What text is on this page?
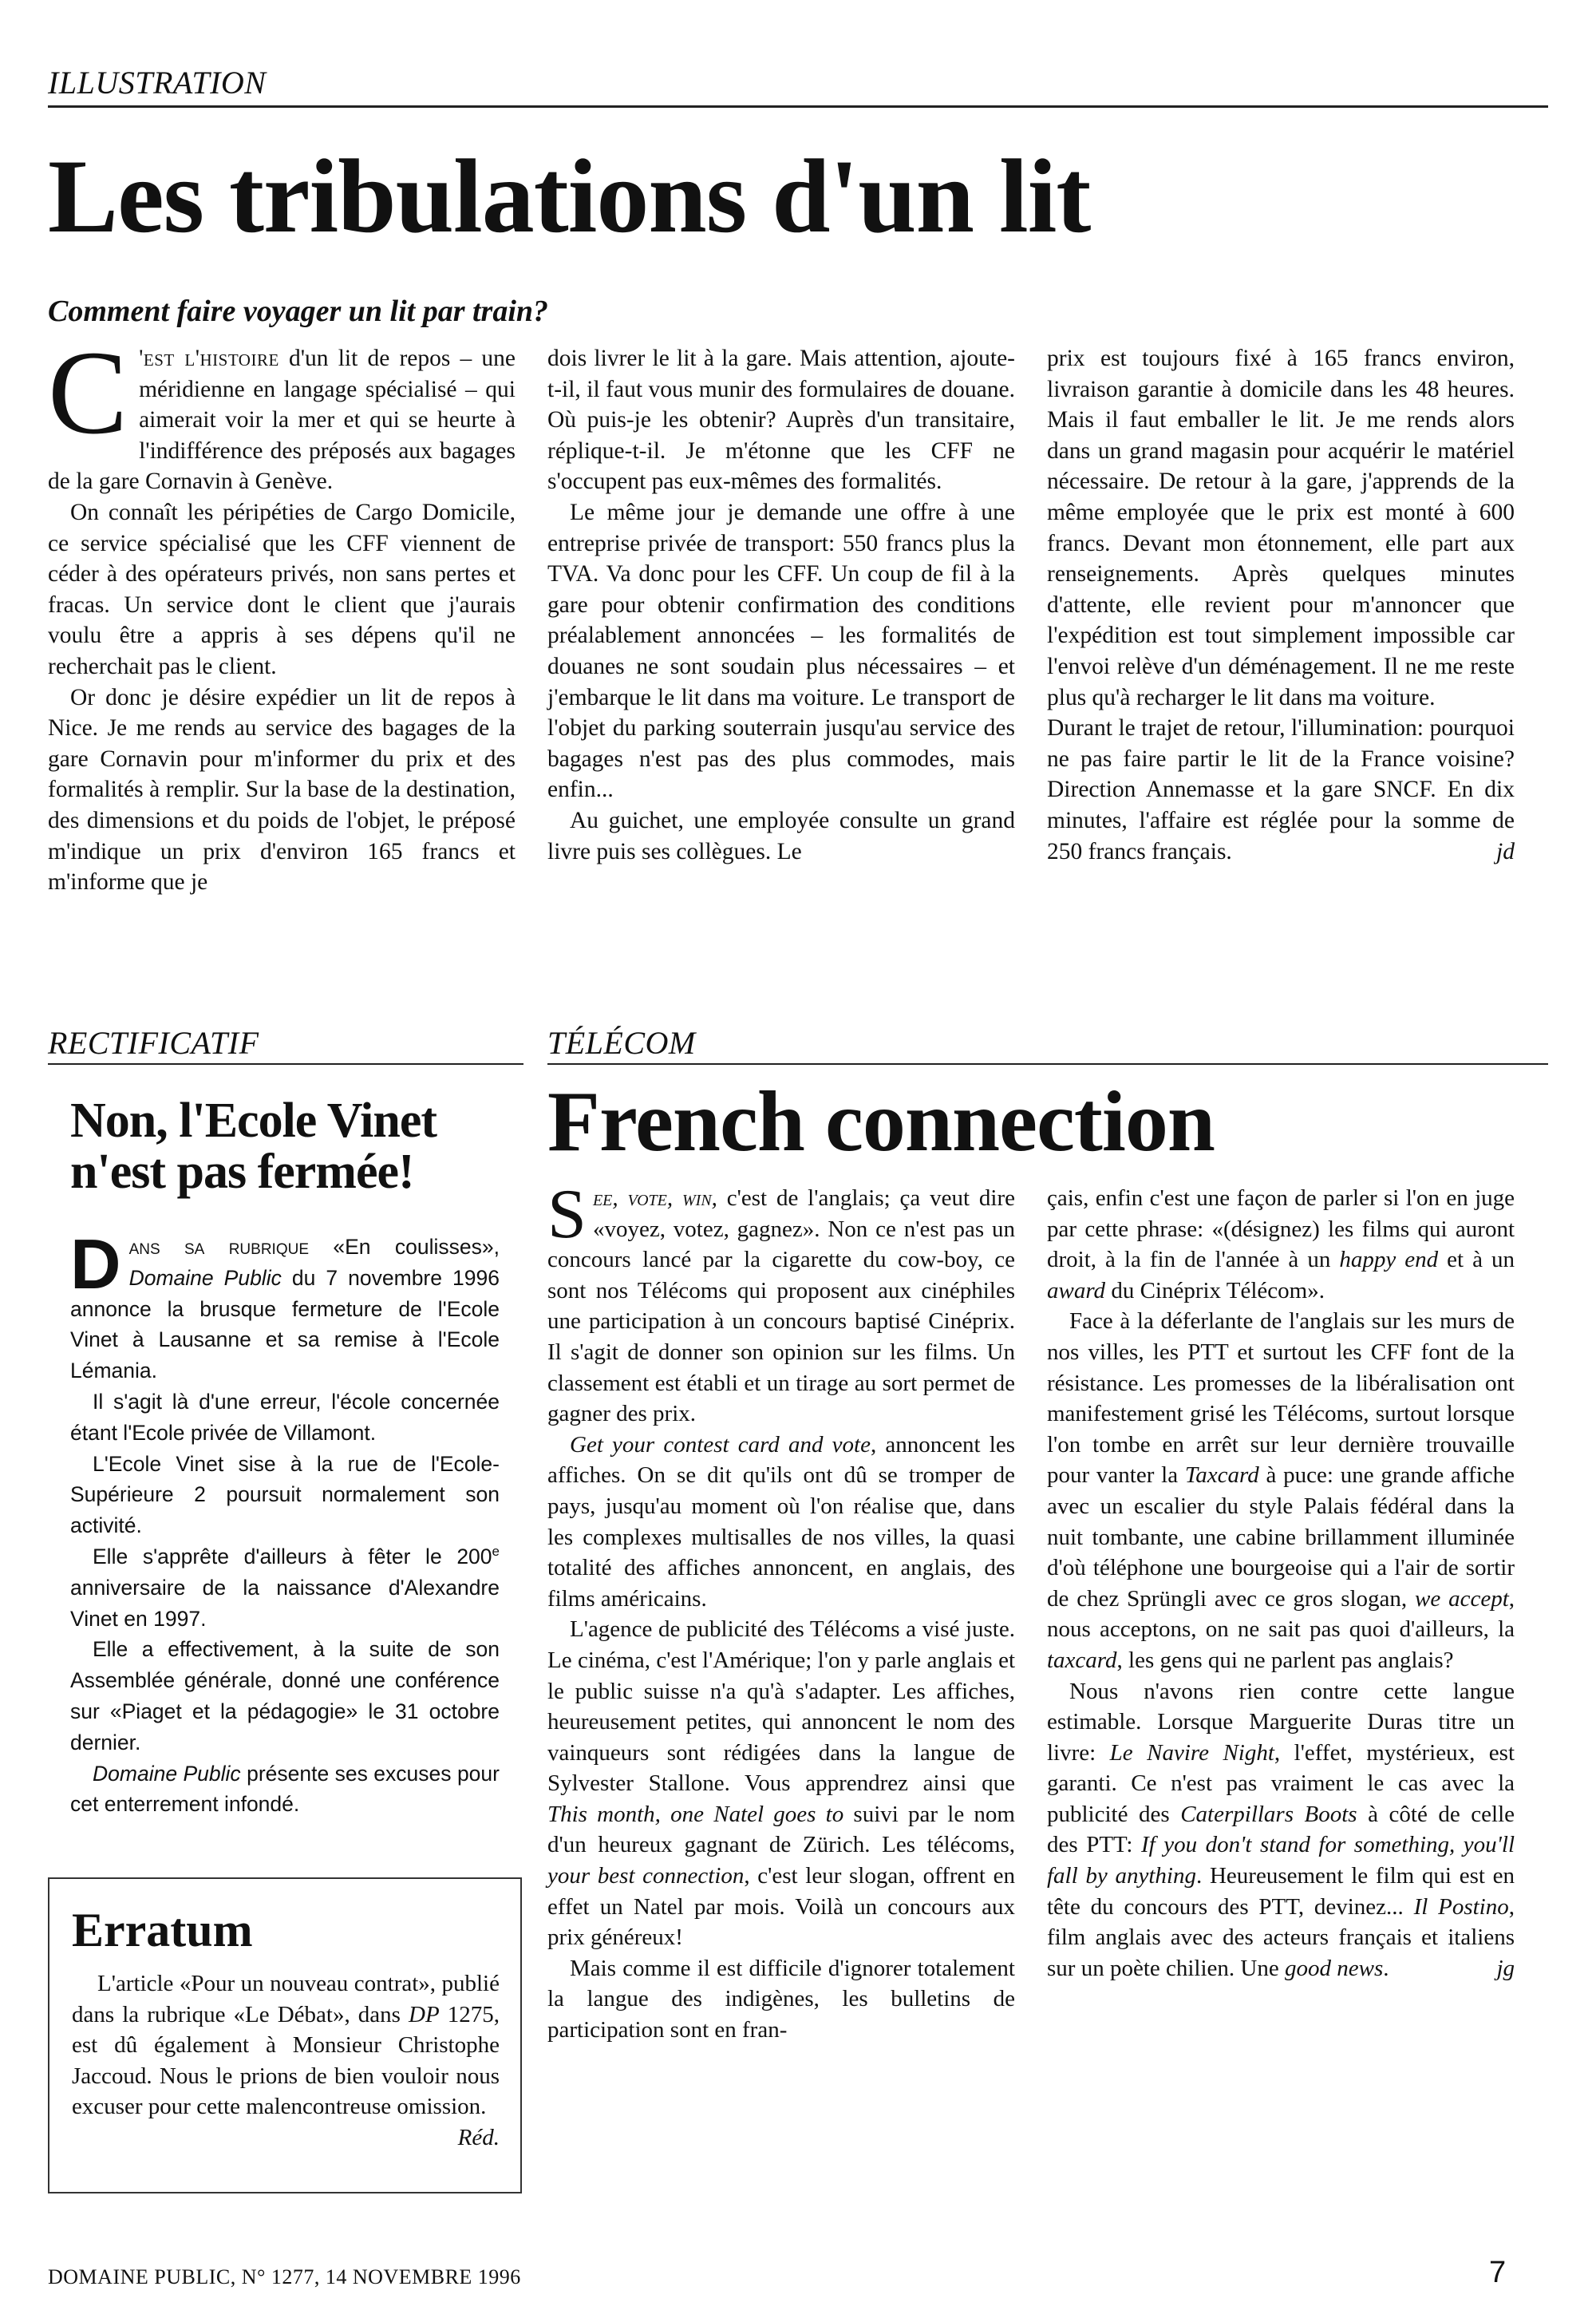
ILLUSTRATION
Les tribulations d'un lit
Comment faire voyager un lit par train?

C 'est l'histoire d'un lit de repos – une méridienne en langage spécialisé – qui aimerait voir la mer et qui se heurte à l'indifférence des préposés aux bagages de la gare Cornavin à Genève.

On connaît les péripéties de Cargo Domicile, ce service spécialisé que les CFF viennent de céder à des opérateurs privés, non sans pertes et fracas. Un service dont le client que j'aurais voulu être a appris à ses dépens qu'il ne recherchait pas le client.

Or donc je désire expédier un lit de repos à Nice. Je me rends au service des bagages de la gare Cornavin pour m'informer du prix et des formalités à remplir. Sur la base de la destination, des dimensions et du poids de l'objet, le préposé m'indique un prix d'environ 165 francs et m'informe que je

dois livrer le lit à la gare. Mais attention, ajoute-t-il, il faut vous munir des formulaires de douane. Où puis-je les obtenir? Auprès d'un transitaire, réplique-t-il. Je m'étonne que les CFF ne s'occupent pas eux-mêmes des formalités.

Le même jour je demande une offre à une entreprise privée de transport: 550 francs plus la TVA. Va donc pour les CFF. Un coup de fil à la gare pour obtenir confirmation des conditions préalablement annoncées – les formalités de douanes ne sont soudain plus nécessaires – et j'embarque le lit dans ma voiture. Le transport de l'objet du parking souterrain jusqu'au service des bagages n'est pas des plus commodes, mais enfin...

Au guichet, une employée consulte un grand livre puis ses collègues. Le

prix est toujours fixé à 165 francs environ, livraison garantie à domicile dans les 48 heures. Mais il faut emballer le lit. Je me rends alors dans un grand magasin pour acquérir le matériel nécessaire. De retour à la gare, j'apprends de la même employée que le prix est monté à 600 francs. Devant mon étonnement, elle part aux renseignements. Après quelques minutes d'attente, elle revient pour m'annoncer que l'expédition est tout simplement impossible car l'envoi relève d'un déménagement. Il ne me reste plus qu'à recharger le lit dans ma voiture.

Durant le trajet de retour, l'illumination: pourquoi ne pas faire partir le lit de la France voisine? Direction Annemasse et la gare SNCF. En dix minutes, l'affaire est réglée pour la somme de 250 francs français.	jd

RECTIFICATIF
Non, l'Ecole Vinet
n'est pas fermée!

Dans sa rubrique «En coulisses», Domaine Public du 7 novembre 1996 annonce la brusque fermeture de l'Ecole Vinet à Lausanne et sa remise à l'Ecole Lémania.

Il s'agit là d'une erreur, l'école concernée étant l'Ecole privée de Villamont.

L'Ecole Vinet sise à la rue de l'Ecole-Supérieure 2 poursuit normalement son activité.

Elle s'apprête d'ailleurs à fêter le 200e anniversaire de la naissance d'Alexandre Vinet en 1997.

Elle a effectivement, à la suite de son Assemblée générale, donné une conférence sur «Piaget et la pédagogie» le 31 octobre dernier.

Domaine Public présente ses excuses pour cet enterrement infondé.

Erratum

L'article «Pour un nouveau contrat», publié dans la rubrique «Le Débat», dans DP 1275, est dû également à Monsieur Christophe Jaccoud. Nous le prions de bien vouloir nous excuser pour cette malencontreuse omission.
Réd.

TÉLÉCOM
French connection

See, vote, win, c'est de l'anglais; ça veut dire «voyez, votez, gagnez». Non ce n'est pas un concours lancé par la cigarette du cow-boy, ce sont nos Télécoms qui proposent aux cinéphiles une participation à un concours baptisé Cinéprix. Il s'agit de donner son opinion sur les films. Un classement est établi et un tirage au sort permet de gagner des prix.

Get your contest card and vote, annoncent les affiches. On se dit qu'ils ont dû se tromper de pays, jusqu'au moment où l'on réalise que, dans les complexes multisalles de nos villes, la quasi totalité des affiches annoncent, en anglais, des films américains.

L'agence de publicité des Télécoms a visé juste. Le cinéma, c'est l'Amérique; l'on y parle anglais et le public suisse n'a qu'à s'adapter. Les affiches, heureusement petites, qui annoncent le nom des vainqueurs sont rédigées dans la langue de Sylvester Stallone. Vous apprendrez ainsi que This month, one Natel goes to suivi par le nom d'un heureux gagnant de Zürich. Les télécoms, your best connection, c'est leur slogan, offrent en effet un Natel par mois. Voilà un concours aux prix généreux!

Mais comme il est difficile d'ignorer totalement la langue des indigènes, les bulletins de participation sont en fran-

çais, enfin c'est une façon de parler si l'on en juge par cette phrase: «(désignez) les films qui auront droit, à la fin de l'année à un happy end et à un award du Cinéprix Télécom».

Face à la déferlante de l'anglais sur les murs de nos villes, les PTT et surtout les CFF font de la résistance. Les promesses de la libéralisation ont manifestement grisé les Télécoms, surtout lorsque l'on tombe en arrêt sur leur dernière trouvaille pour vanter la Taxcard à puce: une grande affiche avec un escalier du style Palais fédéral dans la nuit tombante, une cabine brillamment illuminée d'où téléphone une bourgeoise qui a l'air de sortir de chez Sprüngli avec ce gros slogan, we accept, nous acceptons, on ne sait pas quoi d'ailleurs, la taxcard, les gens qui ne parlent pas anglais?

Nous n'avons rien contre cette langue estimable. Lorsque Marguerite Duras titre un livre: Le Navire Night, l'effet, mystérieux, est garanti. Ce n'est pas vraiment le cas avec la publicité des Caterpillars Boots à côté de celle des PTT: If you don't stand for something, you'll fall by anything. Heureusement le film qui est en tête du concours des PTT, devinez... Il Postino, film anglais avec des acteurs français et italiens sur un poète chilien. Une good news.	jg

DOMAINE PUBLIC, N° 1277, 14 NOVEMBRE 1996	7
